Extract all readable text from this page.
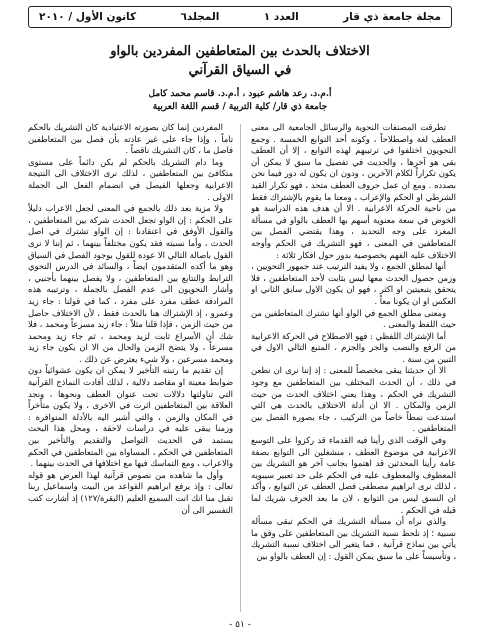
مجلة جامعة ذي قار
العدد ١
المجلد٦
كانون الأول / ٢٠١٠
الاختلاف بالحدث بين المتعاطفين المفردين بالواو
في السياق القرآني
أ.م.د. رعد هاشم عبود ، أ.م.د. قاسم محمد كامل
جامعة ذي قار/ كلية التربية / قسم اللغة العربية

تطرقت المصنفات النحوية والرسائل الجامعية الى معنى العطف لغة واصطلاحاً ، وكونه أحد التوابع الخمسة . وجمع النحويون اختلفوا في ترتيبهم لهذه التوابع ، إلا أن العطف بقي هو آخرها ، والحديث في تفصيل ما سبق لا يمكن أن يكون تكراراً لكلام الآخرين ، ودون ان يكون له دور فيما نحن بصدده . ومع ان عمل حروف العطف متحد ، فهو تكرار القيد الشرطي او الحكم والإعراب ، ومعنا ما يقوم بالإشتراك فقط من ناحية الحركة الاعرابية . الا أن هدف هذه الدراسة هو الخوض في سعة معنوية أسهم بها العطف بالواو في مسألة المغرد على وجه التحديد ، وهذا يقتضي الفصل بين المتعاطفين في المعنى ، فهو التشريك في الحكم وأوجه الاختلاف عليه الفهم بخصوصية بدور حول افكار ثلاثة :

أنها لمطلق الجمع ، ولا يفيد الترتيب عند جمهور النحويين ، وزمن حصول الحدث معها ليس بثابت لأحد المتعاطفين ، فلا يتحقق بتبعيتين او اكثر ، فهو ان يكون الاول سابق الثاني او العكس او ان يكونا معاً .

ومعنى مطلق الجمع في الواو أنها تشترك المتعاطفين من حيث اللفظ والمعنى .

أما الإشتراك اللفظي : فهو الاصطلاح في الحركة الاعرابية من الرفع والنصب والجر والجزم ، المتبع التالي الاول في التبين من سنة .

الا أن حديثنا يبقى مخصصاً للمعنى : إذ إننا نرى ان نطعن في ذلك ، أن الحدث المختلف بين المتعاطفين مع وجود التشريك في الحكم ، وهذا يعني اختلاف الحدث من حيث الزمن والمكان . الا ان أدلة الاختلاف بالحدث هي التي استدعت نمطاً خاصاً من التركيب ، جاء بصورة الفصل بين المتعاطفين .

وفي الوقت الذي رأينا فيه القدماء قد ركزوا على التوسع الاعرابية في موضوع العطف ، منشغلين الى التوابع بصفة عامة رأينا المحدثين قد اهتموا بجانب آخر هو التشريك بين المعطوف والمعطوف عليه في الحكم على حد تعبير سيبويه ، لذلك نرى ابراهيم مصطفى فصل العطف عن التوابع ، وأكد ان النسق ليس من التوابع ، لان ما بعد الحرف شريك لما قبله في الحكم .

والذي نراه أن مسألة التشريك في الحكم تبقى مسألة نسبية ؛ إذ نلحظ نسبة التشريك بين المتعاطفين على وفق ما يأتي بين نماذج قرآنية ، فما يتغير الى اختلاف نسبة التشريك ، وتأسيساً على ما سبق يمكن القول : إن العطف بالواو بين

المفردين إنما كان بصورته الاعتيادية كان التشريك بالحكم تاماً ، وإذا جاء على غير عادته بأن فصل بين المتعاطفين فاصل ما ، كان التشريك ناقصاً .

وما دام التشريك بالحكم لم يكن دائماً على مستوى متكافئ بين المتعاطفين ، لذلك نرى الاختلاف الى النتيجة الاعرابية وجعلها الفيصل في انضمام الفعل الى الجملة الاولى .

ولا مزية بعد ذلك بالجمع في المعنى لجعل الاعراب دليلاً على الحكم : إن الواو تجعل الحدث شركة بين المتعاطفين ، والقول الأوفق في اعتقادنا : إن الواو تشترك في اصل الحدث ، وأما نسبته فقد يكون مختلفاً بينهما ، ثم إننا لا نرى القول باصالة التالي الا عودة للقول بوجود الفصل في السياق وهو ما أكده المتقدمون ايضاً ، والسائد في الدرس النحوي الترابط والتتابع بين المتعاطفين ، ولا يفصل بينهما بأجنبي ، وأشار النحويون الى عدم الفصل بالجملة ، وترتيبه هذه المرادفة عطف مفرد على مفرد ، كما في قولنا : جاء زيد وعمرو ، إذ الإشتراك هنا بالحدث فقط ، لأن الاختلاف حاصل من حيث الزمن ، فإذا قلنا مثلاً : جاء زيد مسرعاً ومحمد ، فلا شك أن الأسراع ثابت لزيد ومحمد ، ثم جاء زيد ومحمد مسرعاً ، ولا يتضح الزمن والحال من الا ان يكون جاء زيد ومحمد مسرعين ، ولا شيء يعترض عن ذلك .

إن تقديم ما رتبته التأخير لا يمكن ان يكون عشوائياً دون ضوابط معينة او مقاصد دلالية ، لذلك أفادت النماذج القرآنية التي تناولتها دلالات تحت عنوان العطف ونحوها ، ونجد العلاقة بين المتعاطفين اثرت في الاخرى ، ولا يكون متأخراً في المكان والزمن ، والتي أشير اليه بالأدلة المتوافرة : وزمنا يبقى عليه في دراسات لاحقة ، ومحل هذا البحث يستمد في الحديث التواصل والتقديم والتأخير بين المتعاطفين في الحكم ، المساواة بين المتعاطفين في الحكم والاعراب ، ومع التماسك فيها مع اختلافها في الحدث بينهما .

وأول ما شاهده من نصوص قرآنية لهذا العرض هو قوله تعالى : وإذ يرفع ابراهيم القواعد من البيت واسماعيل ربنا تقبل منا انك انت السميع العليم (البقرة/١٢٧) إذ أشارت كتب التفسير الى أن

- ٥١ -
